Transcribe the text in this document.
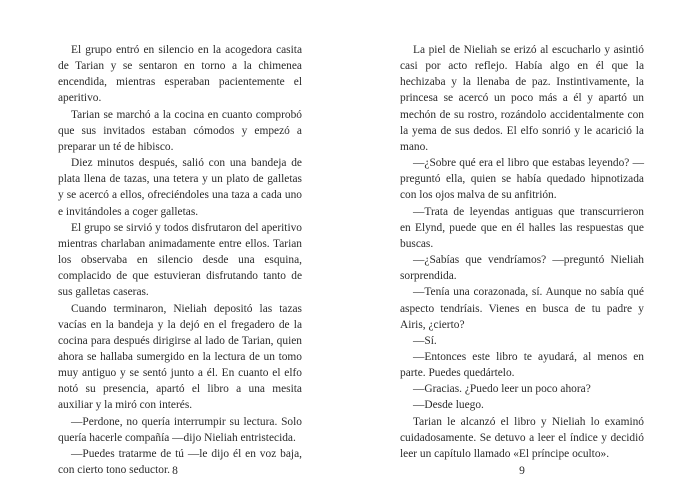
El grupo entró en silencio en la acogedora casita de Tarian y se sentaron en torno a la chimenea encendida, mientras esperaban pacientemente el aperitivo.

Tarian se marchó a la cocina en cuanto comprobó que sus invitados estaban cómodos y empezó a preparar un té de hibisco.

Diez minutos después, salió con una bandeja de plata llena de tazas, una tetera y un plato de galletas y se acercó a ellos, ofreciéndoles una taza a cada uno e invitándoles a coger galletas.

El grupo se sirvió y todos disfrutaron del aperitivo mientras charlaban animadamente entre ellos. Tarian los observaba en silencio desde una esquina, complacido de que estuvieran disfrutando tanto de sus galletas caseras.

Cuando terminaron, Nieliah depositó las tazas vacías en la bandeja y la dejó en el fregadero de la cocina para después dirigirse al lado de Tarian, quien ahora se hallaba sumergido en la lectura de un tomo muy antiguo y se sentó junto a él. En cuanto el elfo notó su presencia, apartó el libro a una mesita auxiliar y la miró con interés.

—Perdone, no quería interrumpir su lectura. Solo quería hacerle compañía —dijo Nieliah entristecida.

—Puedes tratarme de tú —le dijo él en voz baja, con cierto tono seductor. 8

La piel de Nieliah se erizó al escucharlo y asintió casi por acto reflejo. Había algo en él que la hechizaba y la llenaba de paz. Instintivamente, la princesa se acercó un poco más a él y apartó un mechón de su rostro, rozándolo accidentalmente con la yema de sus dedos. El elfo sonrió y le acarició la mano.

—¿Sobre qué era el libro que estabas leyendo? —preguntó ella, quien se había quedado hipnotizada con los ojos malva de su anfitrión.

—Trata de leyendas antiguas que transcurrieron en Elynd, puede que en él halles las respuestas que buscas.

—¿Sabías que vendríamos? —preguntó Nieliah sorprendida.

—Tenía una corazonada, sí. Aunque no sabía qué aspecto tendríais. Vienes en busca de tu padre y Airis, ¿cierto?

—Sí.

—Entonces este libro te ayudará, al menos en parte. Puedes quedártelo.

—Gracias. ¿Puedo leer un poco ahora?

—Desde luego.

Tarian le alcanzó el libro y Nieliah lo examinó cuidadosamente. Se detuvo a leer el índice y decidió leer un capítulo llamado «El príncipe oculto».

9
